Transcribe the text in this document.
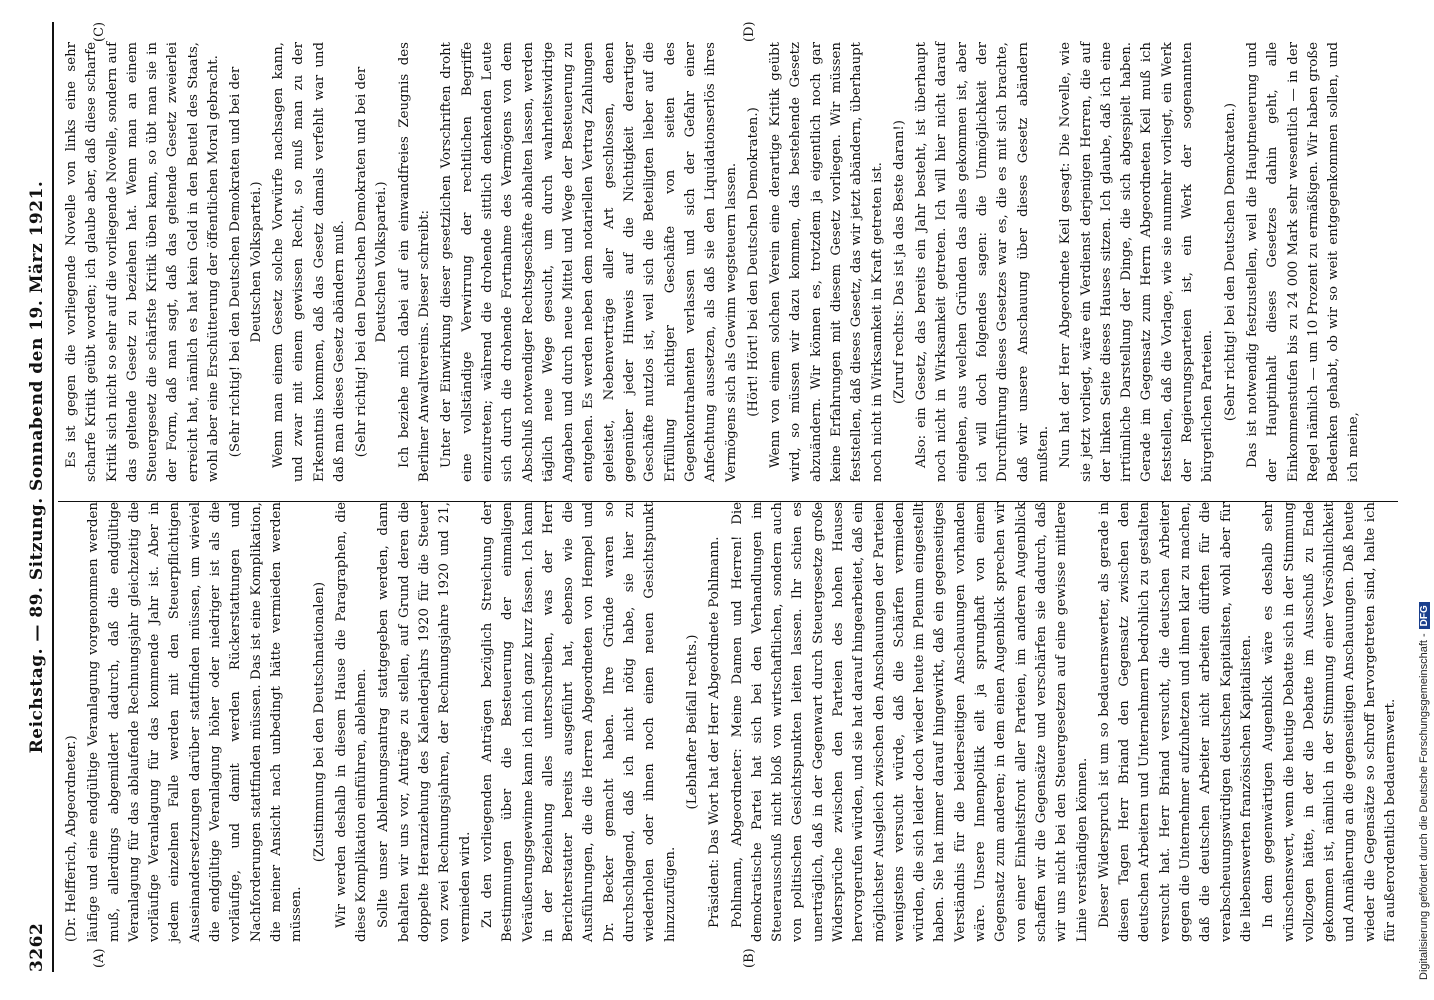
3262
Reichstag. — 89. Sitzung. Sonnabend den 19. März 1921.
(A)	(B)
(C)	(D)

(Dr. Helfferich, Abgeordneter.) läufige und eine endgültige Veranlagung vorgenommen werden muß, allerdings abgemildert dadurch, daß die endgültige Veranlagung für das ablaufende Rechnungsjahr gleichzeitig die vorläufige Veranlagung für das kommende Jahr ist. Aber in jedem einzelnen Falle werden mit den Steuerpflichtigen Auseinandersetzungen darüber stattfinden müssen, um wieviel die endgültige Veranlagung höher oder niedriger ist als die vorläufige, und damit werden Rückerstattungen und Nachforderungen stattfinden müssen. Das ist eine Komplikation, die meiner Ansicht nach unbedingt hätte vermieden werden müssen.

(Zustimmung bei den Deutschnationalen) Wir werden deshalb in diesem Hause die Paragraphen, die diese Komplikation einführen, ablehnen. Sollte unser Ablehnungsantrag stattgegeben werden, dann behalten wir uns vor, Anträge zu stellen, auf Grund deren die doppelte Heranziehung des Kalenderjahrs 1920 für die Steuer von zwei Rechnungsjahren, der Rechnungsjahre 1920 und 21, vermieden wird. Zu den vorliegenden Anträgen bezüglich Streichung der Bestimmungen über die Besteuerung der einmaligen Veräußerungsgewinne kann ich mich ganz kurz fassen. Ich kann in der Beziehung alles unterschreiben, was der Herr Berichterstatter bereits ausgeführt hat, ebenso wie die Ausführungen, die die Herren Abgeordneten von Hempel und Dr. Becker gemacht haben. Ihre Gründe waren so durchschlagend, daß ich nicht nötig habe, sie hier zu wiederholen oder ihnen noch einen neuen Gesichtspunkt hinzuzufügen.

(Lebhafter Beifall rechts.) Präsident: Das Wort hat der Herr Abgeordnete Pohlmann. Pohlmann, Abgeordneter: Meine Damen und Herren! Die demokratische Partei hat sich bei den Verhandlungen im Steuerausschuß nicht bloß von wirtschaftlichen, sondern auch von politischen Gesichtspunkten leiten lassen. Ihr schien es unerträglich, daß in der Gegenwart durch Steuergesetze große Widersprüche zwischen den Parteien des hohen Hauses hervorgerufen würden, und sie hat darauf hingearbeitet, daß ein möglichster Ausgleich zwischen den Anschauungen der Parteien wenigstens versucht würde, daß die Schärfen vermieden würden, die sich leider doch wieder heute im Plenum eingestellt haben. Sie hat immer darauf hingewirkt, daß ein gegenseitiges Verständnis für die beiderseitigen Anschauungen vorhanden wäre. Unsere Innenpolitik eilt ja sprunghaft von einem Gegensatz zum anderen; in dem einen Augenblick sprechen wir von einer Einheitsfront aller Parteien, im anderen Augenblick schaffen wir die Gegensätze und verschärfen sie dadurch, daß wir uns nicht bei den Steuergesetzen auf eine gewisse mittlere Linie verständigen können. Dieser Widerspruch ist um so bedauernswerter, als gerade in diesen Tagen Herr Briand den Gegensatz zwischen den deutschen Arbeitern und Unternehmern bedrohlich zu gestalten versucht hat. Herr Briand versucht, die deutschen Arbeiter gegen die Unternehmer aufzuhetzen und ihnen klar zu machen, daß die deutschen Arbeiter nicht arbeiten dürften für die verabscheuungswürdigen deutschen Kapitalisten, wohl aber für die liebenswerten französischen Kapitalisten. In dem gegenwärtigen Augenblick wäre es deshalb sehr wünschenswert, wenn die heutige Debatte sich in der Stimmung vollzogen hätte, in der die Debatte im Ausschuß zu Ende gekommen ist, nämlich in der Stimmung einer Versöhnlichkeit und Annäherung an die gegenseitigen Anschauungen. Daß heute wieder die Gegensätze so schroff hervorgetreten sind, halte ich für außerordentlich bedauernswert.

Es ist gegen die vorliegende Novelle von links eine sehr scharfe Kritik geübt worden; ich glaube aber, daß diese scharfe Kritik sich nicht so sehr auf die vorliegende Novelle, sondern auf das geltende Gesetz zu beziehen hat. Wenn man an einem Steuergesetz die schärfste Kritik üben kann, so übt man sie in der Form, daß man sagt, daß das geltende Gesetz zweierlei erreicht hat, nämlich es hat kein Geld in den Beutel des Staats, wohl aber eine Erschütterung der öffentlichen Moral gebracht. (Sehr richtig! bei den Deutschen Demokraten und bei der Deutschen Volkspartei.) Wenn man einem Gesetz solche Vorwürfe nachsagen kann, und zwar mit einem gewissen Recht, so muß man zu der Erkenntnis kommen, daß das Gesetz damals verfehlt war und daß man dieses Gesetz abändern muß. (Sehr richtig! bei den Deutschen Demokraten und bei der Deutschen Volkspartei.) Ich beziehe mich dabei auf ein einwandfreies Zeugnis des Berliner Anwaltvereins. Dieser schreibt: Unter der Einwirkung dieser gesetzlichen Vorschriften droht eine vollständige Verwirrung der rechtlichen Begriffe einzutreten; während die drohende sittlich denkenden Leute sich durch die drohende Fortnahme des Vermögens von dem Abschluß notwendiger Rechtsgeschäfte abhalten lassen, werden täglich neue Wege gesucht, um durch wahrheitswidrige Angaben und durch neue Mittel und Wege der Besteuerung zu entgehen. Es werden neben dem notariellen Vertrag Zahlungen geleistet, Nebenverträge aller Art geschlossen, denen gegenüber jeder Hinweis auf die Nichtigkeit derartiger Geschäfte nutzlos ist, weil sich die Beteiligten lieber auf die Erfüllung nichtiger Geschäfte von seiten des Gegenkontrahenten verlassen und sich der Gefahr einer Anfechtung aussetzen, als daß sie den Liquidationserlös ihres Vermögens sich als Gewinn wegsteuern lassen. (Hört! Hört! bei den Deutschen Demokraten.) Wenn von einem solchen Verein eine derartige Kritik geübt wird, so müssen wir dazu kommen, das bestehende Gesetz abzuändern. Wir können es, trotzdem ja eigentlich noch gar keine Erfahrungen mit diesem Gesetz vorliegen. Wir müssen feststellen, daß dieses Gesetz, das wir jetzt abändern, überhaupt noch nicht in Wirksamkeit in Kraft getreten ist. (Zuruf rechts: Das ist ja das Beste daran!) Also: ein Gesetz, das bereits ein Jahr besteht, ist überhaupt noch nicht in Wirksamkeit getreten. Ich will hier nicht darauf eingehen, aus welchen Gründen das alles gekommen ist, aber ich will doch folgendes sagen: die Unmöglichkeit der Durchführung dieses Gesetzes war es, die es mit sich brachte, daß wir unsere Anschauung über dieses Gesetz abändern mußten. Nun hat der Herr Abgeordnete Keil gesagt: Die Novelle, wie sie jetzt vorliegt, wäre ein Verdienst derjenigen Herren, die auf der linken Seite dieses Hauses sitzen. Ich glaube, daß ich eine irrtümliche Darstellung der Dinge, die sich abgespielt haben. Gerade im Gegensatz zum Herrn Abgeordneten Keil muß ich feststellen, daß die Vorlage, wie sie nunmehr vorliegt, ein Werk der Regierungsparteien ist, ein Werk der sogenannten bürgerlichen Parteien. (Sehr richtig! bei den Deutschen Demokraten.) Das ist notwendig festzustellen, weil die Hauptneuerung und der Hauptinhalt dieses Gesetzes dahin geht, alle Einkommenstufen bis zu 24 000 Mark sehr wesentlich — in der Regel nämlich — um 10 Prozent zu ermäßigen. Wir haben große Bedenken gehabt, ob wir so weit entgegenkommen sollen, und ich meine,

Digitalisierung gefördert durch die Deutsche Forschungsgemeinschaft -DFG
